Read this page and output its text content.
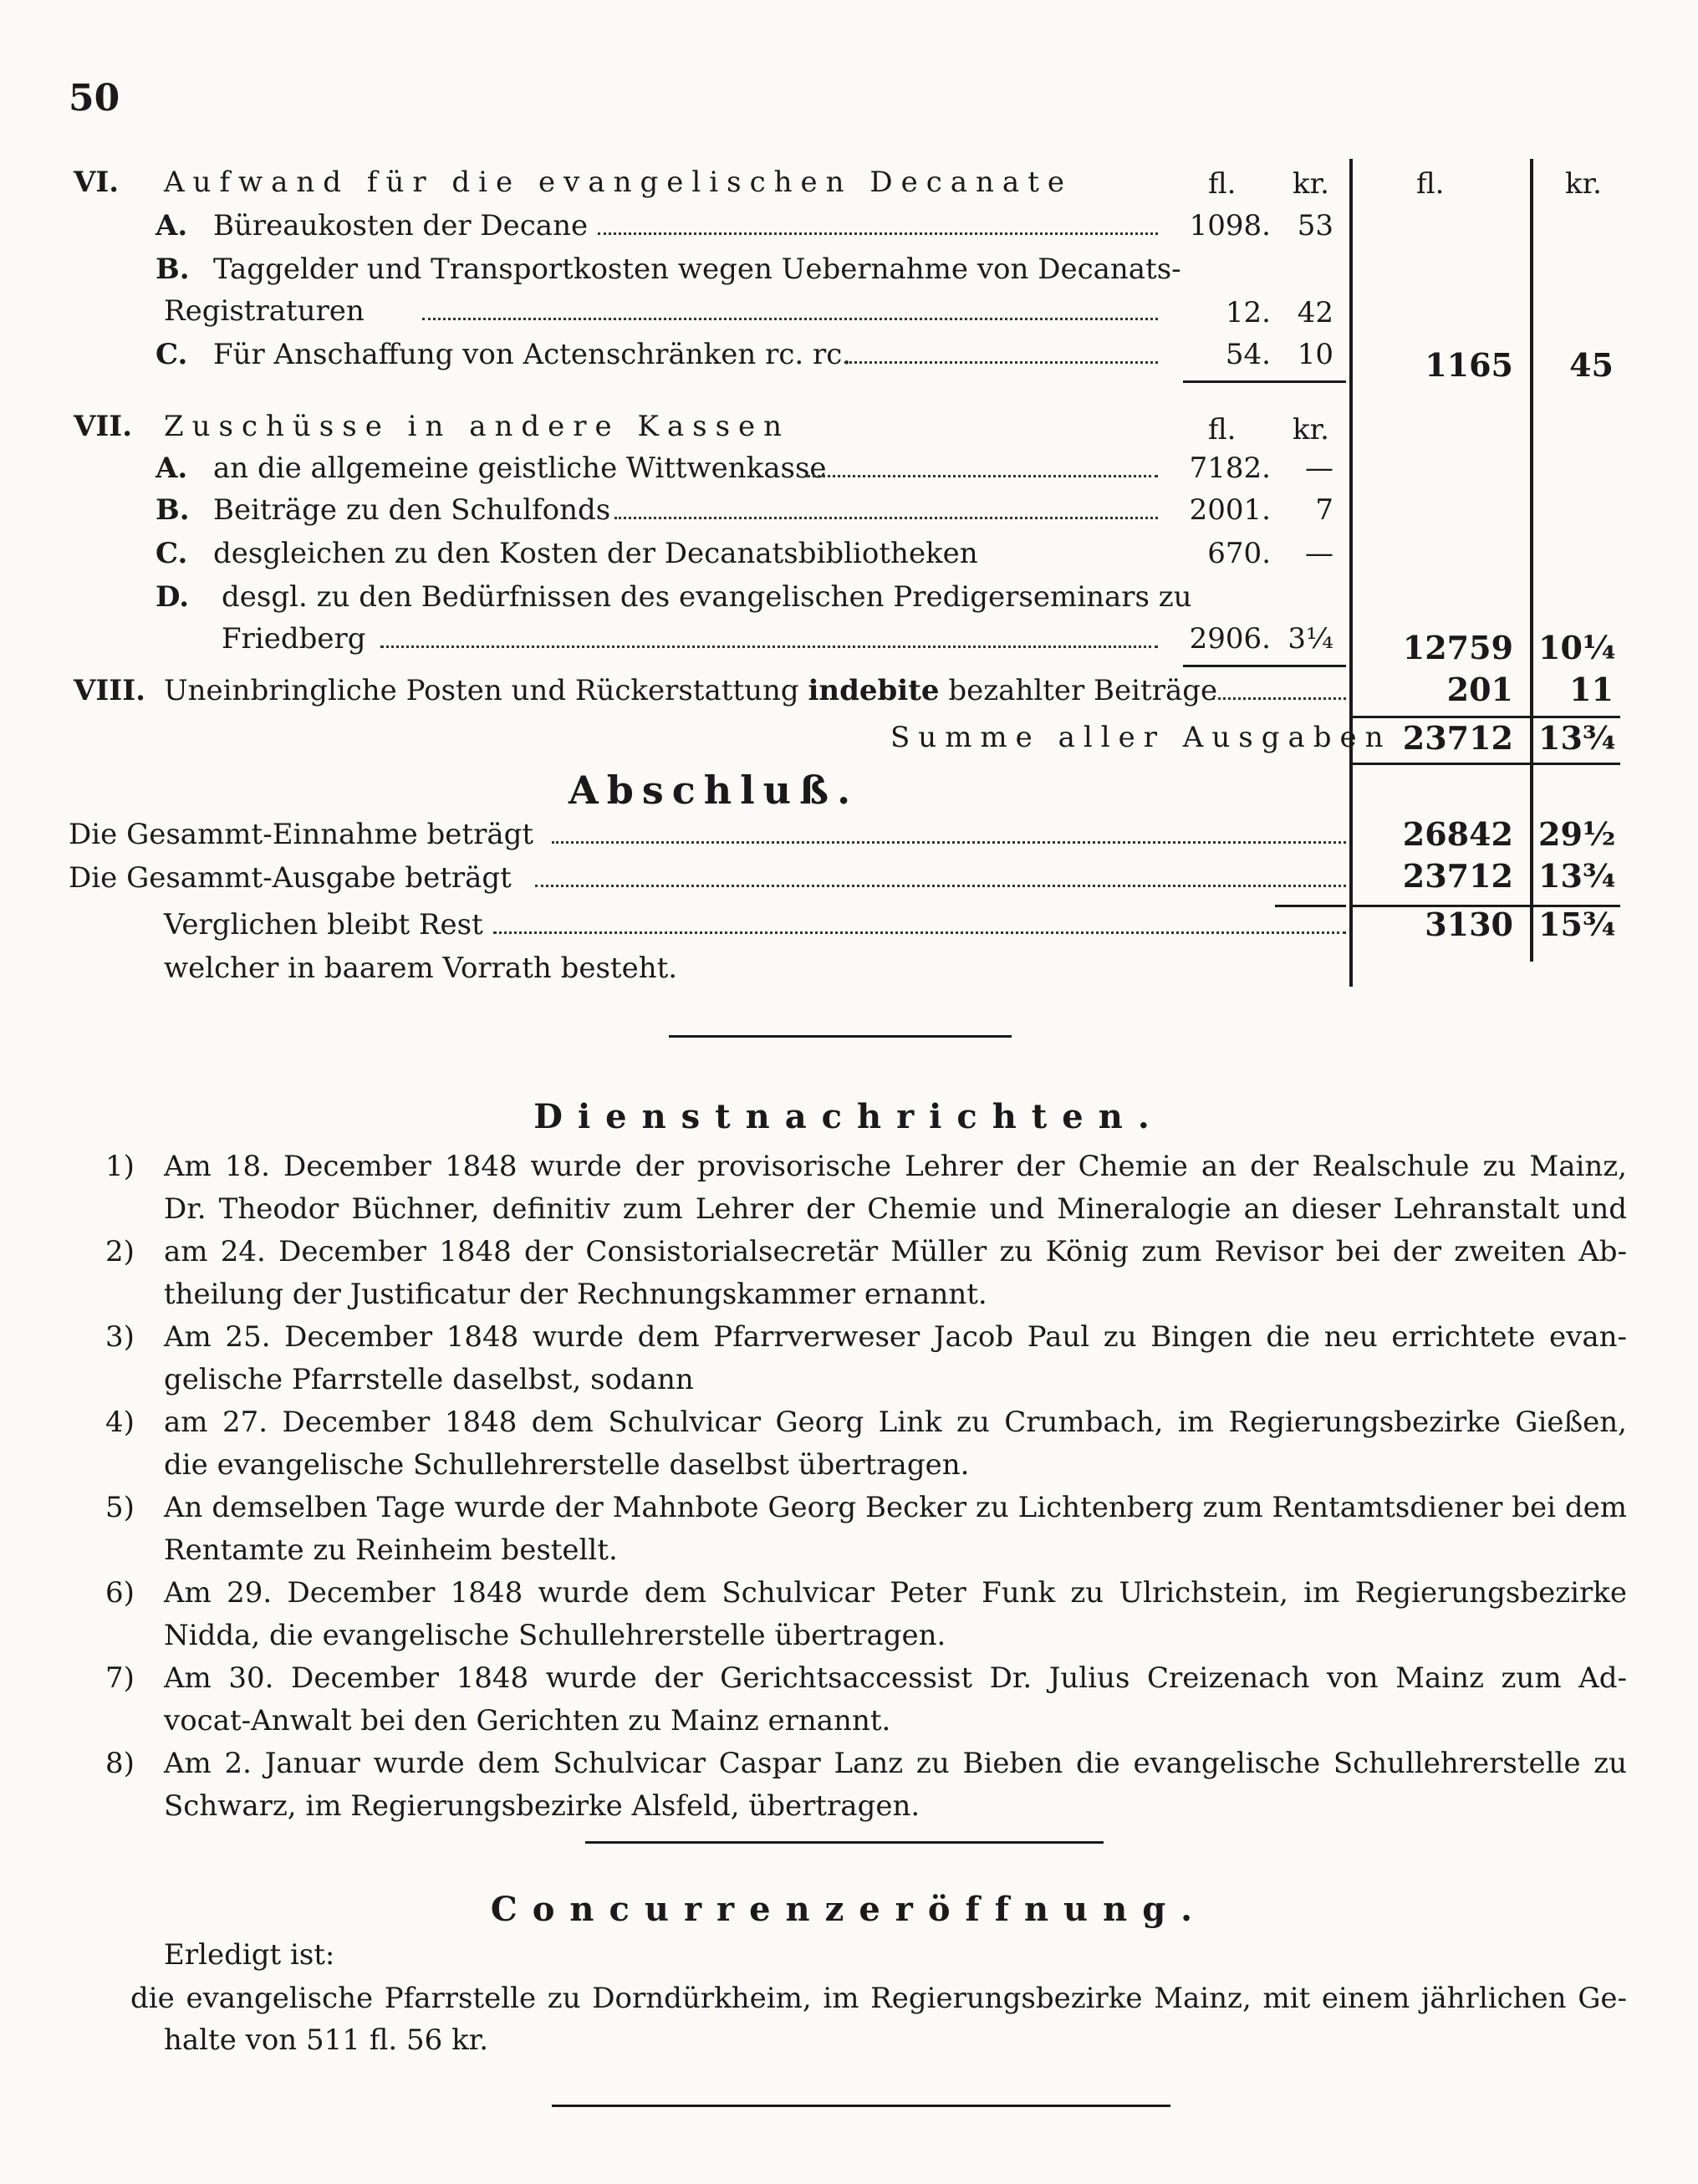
50
VI. Aufwand für die evangelischen Decanate	fl. kr.	fl.	kr.
A. Büreaukosten der Decane	1098. 53
B. Taggelder und Transportkosten wegen Uebernahme von Decanats-
Registraturen	12. 42
C. Für Anschaffung von Actenschränken rc. rc.	54. 10	1165	45
VII. Zuschüsse in andere Kassen	fl. kr.
A. an die allgemeine geistliche Wittwenkasse	7182.	—
B. Beiträge zu den Schulfonds	2001.	7
C. desgleichen zu den Kosten der Decanatsbibliotheken	670.	—
D. desgl. zu den Bedürfnissen des evangelischen Predigerseminars zu
Friedberg	2906. 3¼	12759 10¼
VIII. Uneinbringliche Posten und Rückerstattung indebite bezahlter Beiträge	201	11
Summe aller Ausgaben 23712 13¾
Abschluß.
Die Gesammt-Einnahme beträgt	26842 29½
Die Gesammt-Ausgabe beträgt	23712 13¾
Verglichen bleibt Rest	3130 15¾
welcher in baarem Vorrath besteht.
Dienstnachrichten.
1) Am 18. December 1848 wurde der provisorische Lehrer der Chemie an der Realschule zu Mainz,
Dr. Theodor Büchner, definitiv zum Lehrer der Chemie und Mineralogie an dieser Lehranstalt und
2) am 24. December 1848 der Consistorialsecretär Müller zu König zum Revisor bei der zweiten Ab-
theilung der Justificatur der Rechnungskammer ernannt.
3) Am 25. December 1848 wurde dem Pfarrverweser Jacob Paul zu Bingen die neu errichtete evan-
gelische Pfarrstelle daselbst, sodann
4) am 27. December 1848 dem Schulvicar Georg Link zu Crumbach, im Regierungsbezirke Gießen,
die evangelische Schullehrerstelle daselbst übertragen.
5) An demselben Tage wurde der Mahnbote Georg Becker zu Lichtenberg zum Rentamtsdiener bei dem
Rentamte zu Reinheim bestellt.
6) Am 29. December 1848 wurde dem Schulvicar Peter Funk zu Ulrichstein, im Regierungsbezirke
Nidda, die evangelische Schullehrerstelle übertragen.
7) Am 30. December 1848 wurde der Gerichtsaccessist Dr. Julius Creizenach von Mainz zum Ad-
vocat-Anwalt bei den Gerichten zu Mainz ernannt.
8) Am 2. Januar wurde dem Schulvicar Caspar Lanz zu Bieben die evangelische Schullehrerstelle zu
Schwarz, im Regierungsbezirke Alsfeld, übertragen.
Concurrenzeröffnung.
Erledigt ist:
die evangelische Pfarrstelle zu Dorndürkheim, im Regierungsbezirke Mainz, mit einem jährlichen Ge-
halte von 511 fl. 56 kr.
